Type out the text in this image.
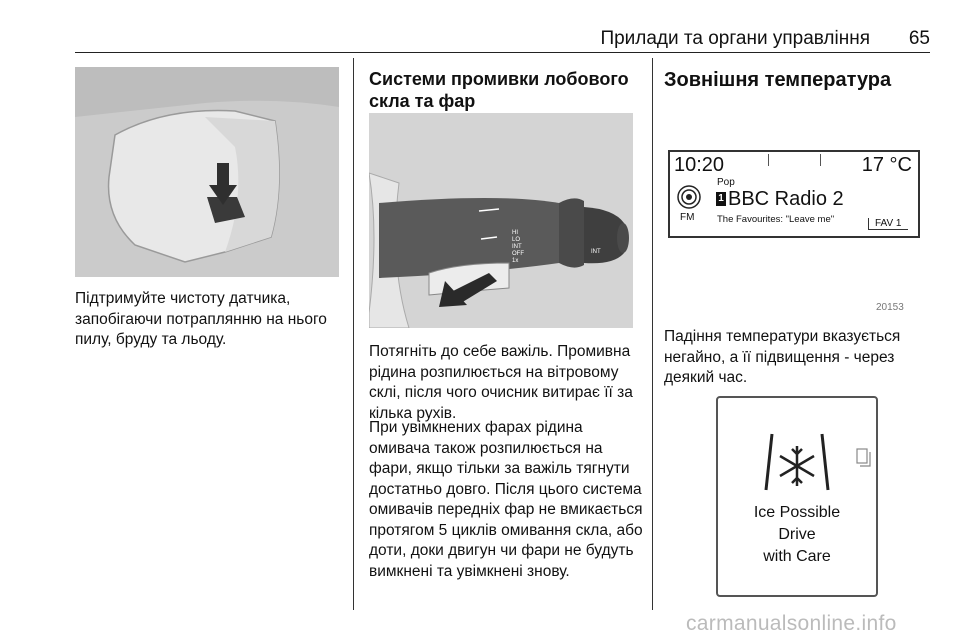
Прилади та органи управління	65

Підтримуйте чистоту датчика, запобігаючи потраплянню на нього пилу, бруду та льоду.

Системи промивки лобового скла та фар
HI
LO
INT
OFF
1x
INT

Потягніть до себе важіль. Промивна рідина розпилюється на вітровому склі, після чого очисник витирає її за кілька рухів.

При увімкнених фарах рідина омивача також розпилюється на фари, якщо тільки за важіль тягнути достатньо довго. Після цього система омивачів передніх фар не вмикається протягом 5 циклів омивання скла, або доти, доки двигун чи фари не будуть вимкнені та увімкнені знову.

Зовнішня температура
10:20	17 °C
FM
Pop
1 BBC Radio 2
The Favourites: "Leave me"	FAV 1
20153

Падіння температури вказується негайно, а її підвищення - через деякий час.

Ice Possible
Drive
with Care
carmanualsonline.info
